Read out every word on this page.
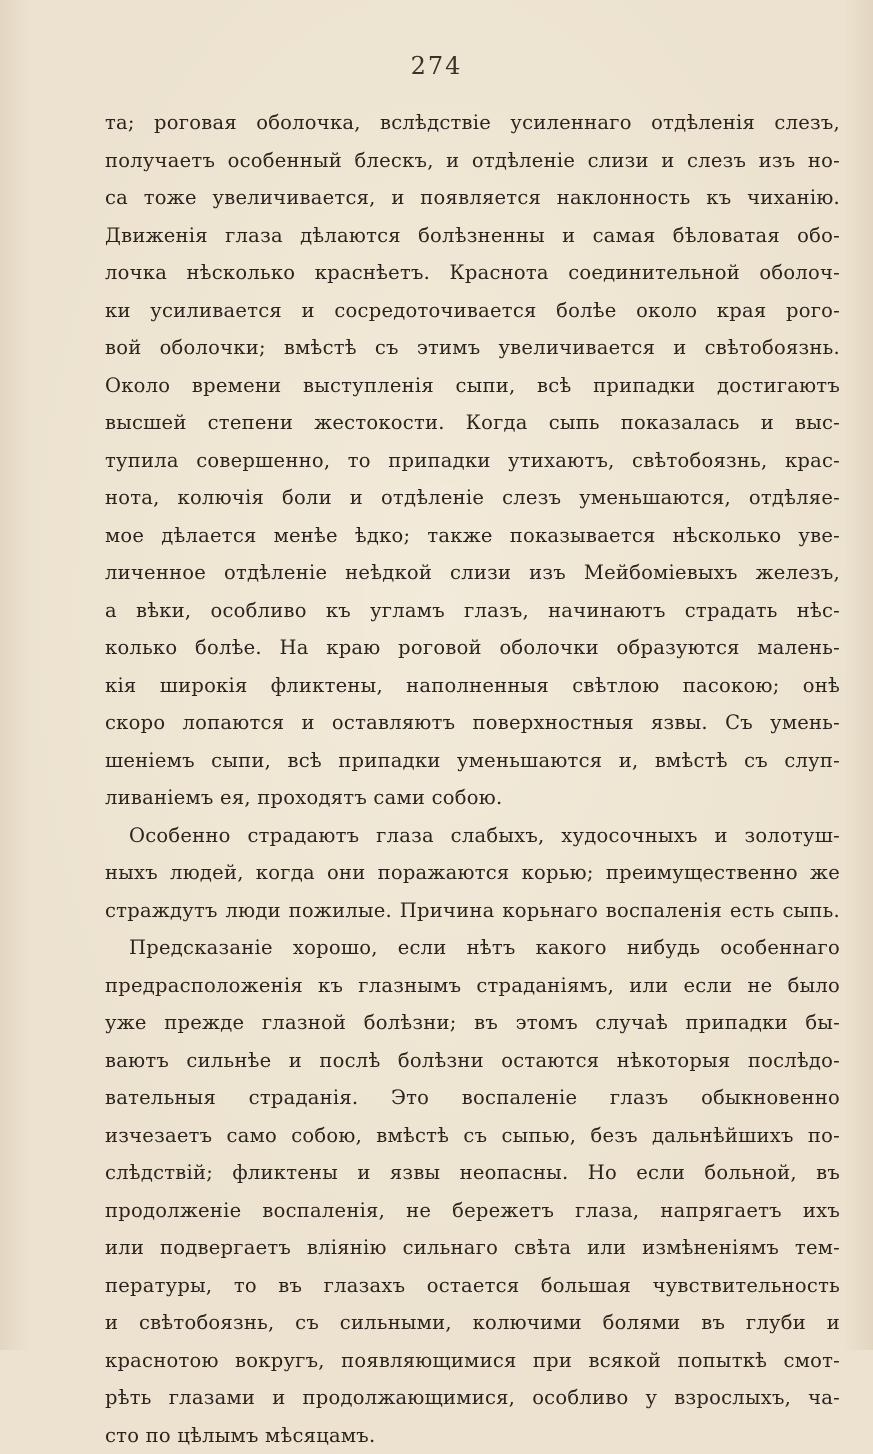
274
та; роговая оболочка, вслѣдствіе усиленнаго отдѣленія слезъ,
получаетъ особенный блескъ, и отдѣленіе слизи и слезъ изъ но-
са тоже увеличивается, и появляется наклонность къ чиханію.
Движенія глаза дѣлаются болѣзненны и самая бѣловатая обо-
лочка нѣсколько краснѣетъ. Краснота соединительной оболоч-
ки усиливается и сосредоточивается болѣе около края рого-
вой оболочки; вмѣстѣ съ этимъ увеличивается и свѣтобоязнь.
Около времени выступленія сыпи, всѣ припадки достигаютъ
высшей степени жестокости. Когда сыпь показалась и выс-
тупила совершенно, то припадки утихаютъ, свѣтобоязнь, крас-
нота, колючія боли и отдѣленіе слезъ уменьшаются, отдѣляе-
мое дѣлается менѣе ѣдко; также показывается нѣсколько уве-
личенное отдѣленіе неѣдкой слизи изъ Мейбоміевыхъ железъ,
а вѣки, особливо къ угламъ глазъ, начинаютъ страдать нѣс-
колько болѣе. На краю роговой оболочки образуются малень-
кія широкія фликтены, наполненныя свѣтлою пасокою; онѣ
скоро лопаются и оставляютъ поверхностныя язвы. Съ умень-
шеніемъ сыпи, всѣ припадки уменьшаются и, вмѣстѣ съ слуп-
ливаніемъ ея, проходятъ сами собою.
Особенно страдаютъ глаза слабыхъ, худосочныхъ и золотуш-
ныхъ людей, когда они поражаются корью; преимущественно же
страждутъ люди пожилые. Причина корьнаго воспаленія есть сыпь.
Предсказаніе хорошо, если нѣтъ какого нибудь особеннаго
предрасположенія къ глазнымъ страданіямъ, или если не было
уже прежде глазной болѣзни; въ этомъ случаѣ припадки бы-
ваютъ сильнѣе и послѣ болѣзни остаются нѣкоторыя послѣдо-
вательныя страданія. Это воспаленіе глазъ обыкновенно
изчезаетъ само собою, вмѣстѣ съ сыпью, безъ дальнѣйшихъ по-
слѣдствій; фликтены и язвы неопасны. Но если больной, въ
продолженіе воспаленія, не бережетъ глаза, напрягаетъ ихъ
или подвергаетъ вліянію сильнаго свѣта или измѣненіямъ тем-
пературы, то въ глазахъ остается большая чувствительность
и свѣтобоязнь, съ сильными, колючими болями въ глуби и
краснотою вокругъ, появляющимися при всякой попыткѣ смот-
рѣть глазами и продолжающимися, особливо у взрослыхъ, ча-
сто по цѣлымъ мѣсяцамъ.
